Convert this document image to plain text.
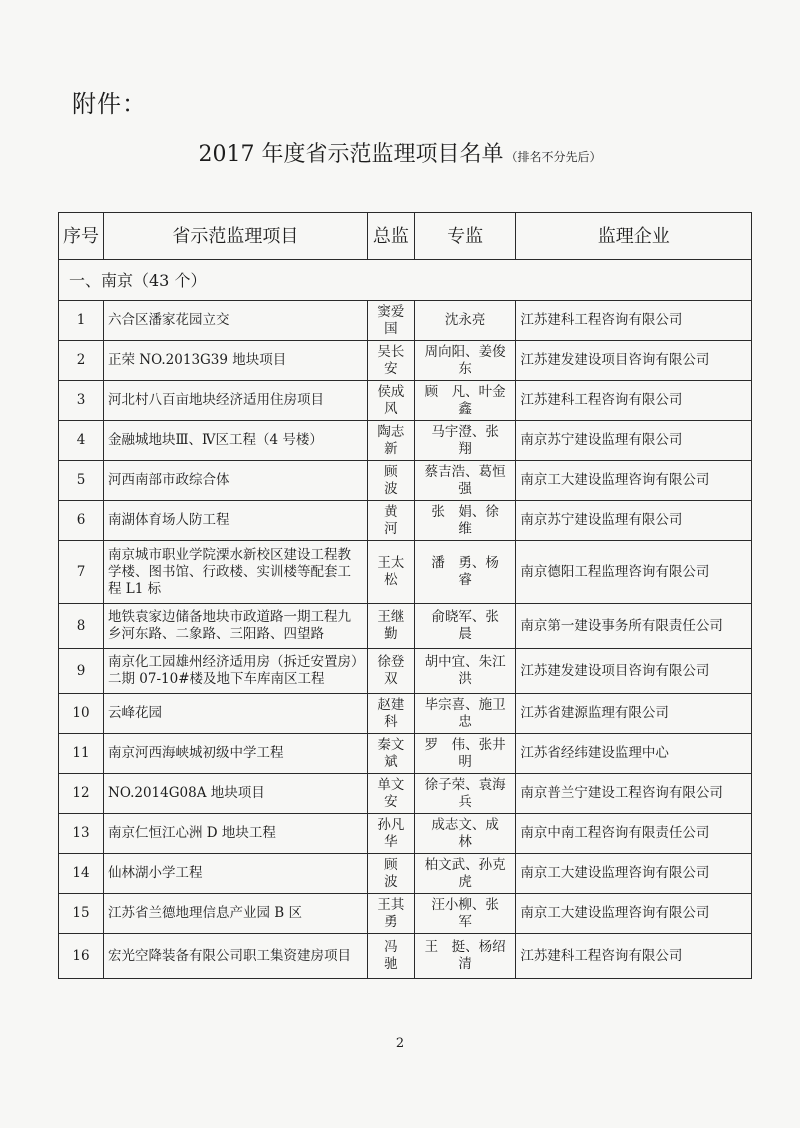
附件：
2017 年度省示范监理项目名单 （排名不分先后）
序号	省示范监理项目	总监	专监	监理企业
一、南京（43 个）				
1	六合区潘家花园立交	窦爱国	沈永亮	江苏建科工程咨询有限公司
2	正荣 NO.2013G39 地块项目	吴长安	周向阳、姜俊东	江苏建发建设项目咨询有限公司
3	河北村八百亩地块经济适用住房项目	侯成风	顾　凡、叶金鑫	江苏建科工程咨询有限公司
4	金融城地块Ⅲ、Ⅳ区工程（4 号楼）	陶志新	马宇澄、张　翔	南京苏宁建设监理有限公司
5	河西南部市政综合体	顾　波	蔡吉浩、葛恒强	南京工大建设监理咨询有限公司
6	南湖体育场人防工程	黄　河	张　娟、徐　维	南京苏宁建设监理有限公司
7	南京城市职业学院溧水新校区建设工程教学楼、图书馆、行政楼、实训楼等配套工程 L1 标	王太松	潘　勇、杨　睿	南京德阳工程监理咨询有限公司
8	地铁袁家边储备地块市政道路一期工程九乡河东路、二象路、三阳路、四望路	王继勤	俞晓军、张　晨	南京第一建设事务所有限责任公司
9	南京化工园雄州经济适用房（拆迁安置房）二期 07-10#楼及地下车库南区工程	徐登双	胡中宜、朱江洪	江苏建发建设项目咨询有限公司
10	云峰花园	赵建科	毕宗喜、施卫忠	江苏省建源监理有限公司
11	南京河西海峡城初级中学工程	秦文斌	罗　伟、张井明	江苏省经纬建设监理中心
12	NO.2014G08A 地块项目	单文安	徐子荣、袁海兵	南京普兰宁建设工程咨询有限公司
13	南京仁恒江心洲 D 地块工程	孙凡华	成志文、成　林	南京中南工程咨询有限责任公司
14	仙林湖小学工程	顾　波	柏文武、孙克虎	南京工大建设监理咨询有限公司
15	江苏省兰德地理信息产业园 B 区	王其勇	汪小柳、张　军	南京工大建设监理咨询有限公司
16	宏光空降装备有限公司职工集资建房项目	冯　驰	王　挺、杨绍清	江苏建科工程咨询有限公司
2
